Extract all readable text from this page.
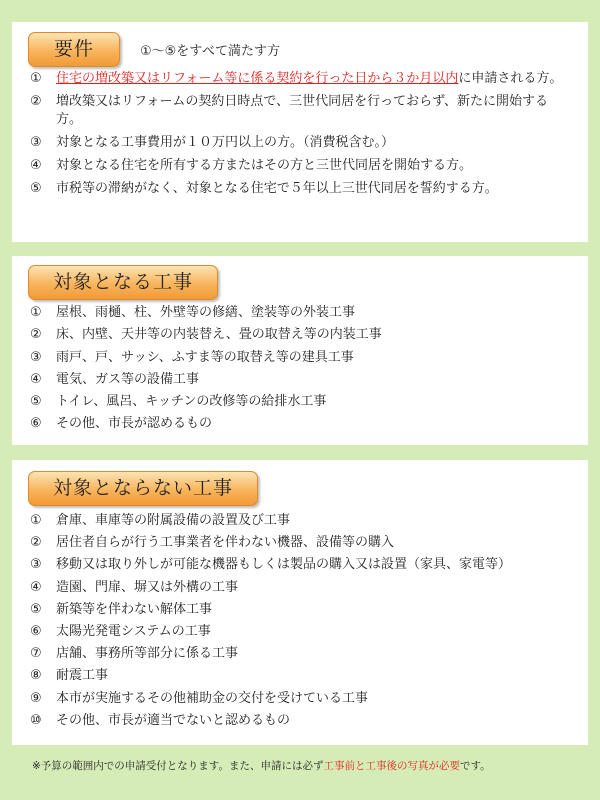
要件	①～⑤をすべて満たす方
①	住宅の増改築又はリフォーム等に係る契約を行った日から３か月以内に申請される方。
②	増改築又はリフォームの契約日時点で、三世代同居を行っておらず、新たに開始する方。
③	対象となる工事費用が１０万円以上の方。（消費税含む。）
④	対象となる住宅を所有する方またはその方と三世代同居を開始する方。
⑤	市税等の滞納がなく、対象となる住宅で５年以上三世代同居を誓約する方。
対象となる工事
①	屋根、雨樋、柱、外壁等の修繕、塗装等の外装工事
②	床、内壁、天井等の内装替え、畳の取替え等の内装工事
③	雨戸、戸、サッシ、ふすま等の取替え等の建具工事
④	電気、ガス等の設備工事
⑤	トイレ、風呂、キッチンの改修等の給排水工事
⑥	その他、市長が認めるもの
対象とならない工事
①	倉庫、車庫等の附属設備の設置及び工事
②	居住者自らが行う工事業者を伴わない機器、設備等の購入
③	移動又は取り外しが可能な機器もしくは製品の購入又は設置（家具、家電等）
④	造園、門扉、塀又は外構の工事
⑤	新築等を伴わない解体工事
⑥	太陽光発電システムの工事
⑦	店舗、事務所等部分に係る工事
⑧	耐震工事
⑨	本市が実施するその他補助金の交付を受けている工事
⑩	その他、市長が適当でないと認めるもの
※予算の範囲内での申請受付となります。また、申請には必ず工事前と工事後の写真が必要です。
